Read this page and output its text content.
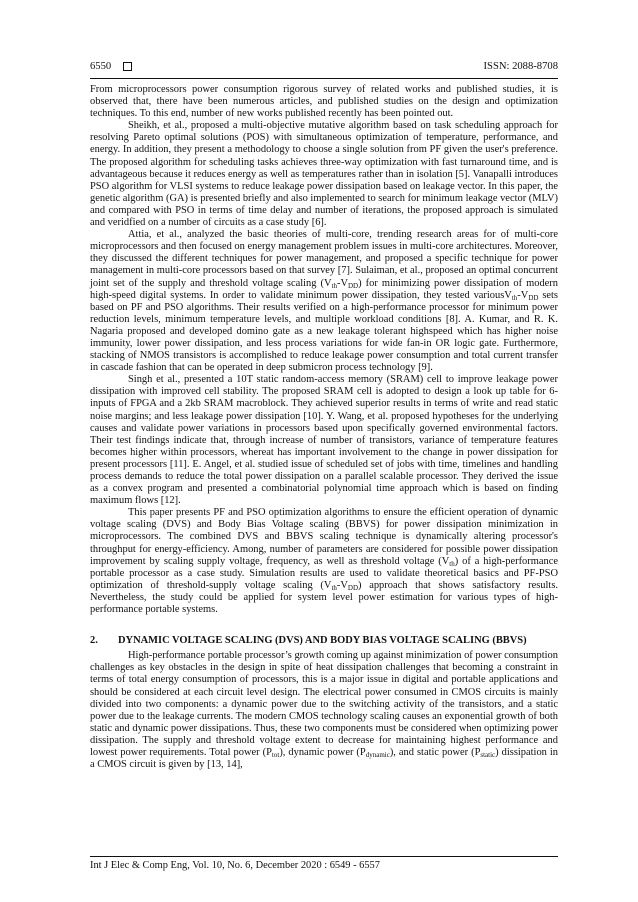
6550	ISSN: 2088-8708

From microprocessors power consumption rigorous survey of related works and published studies, it is observed that, there have been numerous articles, and published studies on the design and optimization techniques. To this end, number of new works published recently has been pointed out.

Sheikh, et al., proposed a multi-objective mutative algorithm based on task scheduling approach for resolving Pareto optimal solutions (POS) with simultaneous optimization of temperature, performance, and energy. In addition, they present a methodology to choose a single solution from PF given the user's preference. The proposed algorithm for scheduling tasks achieves three-way optimization with fast turnaround time, and is advantageous because it reduces energy as well as temperatures rather than in isolation [5]. Vanapalli introduces PSO algorithm for VLSI systems to reduce leakage power dissipation based on leakage vector. In this paper, the genetic algorithm (GA) is presented briefly and also implemented to search for minimum leakage vector (MLV) and compared with PSO in terms of time delay and number of iterations, the proposed approach is simulated and veridfied on a number of circuits as a case study [6].

Attia, et al., analyzed the basic theories of multi-core, trending research areas for of multi-core microprocessors and then focused on energy management problem issues in multi-core architectures. Moreover, they discussed the different techniques for power management, and proposed a specific technique for power management in multi-core processors based on that survey [7]. Sulaiman, et al., proposed an optimal concurrent joint set of the supply and threshold voltage scaling $(V_{th}-V_{DD})$ for minimizing power dissipation of modern high-speed digital systems. In order to validate minimum power dissipation, they tested $variousV_{th}-V_{DD}$ sets based on PF and PSO algorithms. Their results verified on a high-performance processor for minimum power reduction levels, minimum temperature levels, and multiple workload conditions [8]. A. Kumar, and R. K. Nagaria proposed and developed domino gate as a new leakage tolerant highspeed which has higher noise immunity, lower power dissipation, and less process variations for wide fan-in OR logic gate. Furthermore, stacking of NMOS transistors is accomplished to reduce leakage power consumption and total current transfer in cascade fashion that can be operated in deep submicron process technology [9].

Singh et al., presented a 10T static random-access memory (SRAM) cell to improve leakage power dissipation with improved cell stability. The proposed SRAM cell is adopted to design a look up table for 6-inputs of FPGA and a 2kb SRAM macroblock. They achieved superior results in terms of write and read static noise margins; and less leakage power dissipation [10]. Y. Wang, et al. proposed hypotheses for the underlying causes and validate power variations in processors based upon specifically governed environmental factors. Their test findings indicate that, through increase of number of transistors, variance of temperature features becomes higher within processors, whereat has important involvement to the change in power dissipation for present processors [11]. E. Angel, et al. studied issue of scheduled set of jobs with time, timelines and handling process demands to reduce the total power dissipation on a parallel scalable processor. They derived the issue as a convex program and presented a combinatorial polynomial time approach which is based on finding maximum flows [12].

This paper presents PF and PSO optimization algorithms to ensure the efficient operation of dynamic voltage scaling (DVS) and Body Bias Voltage scaling (BBVS) for power dissipation minimization in microprocessors. The combined DVS and BBVS scaling technique is dynamically altering processor's throughput for energy-efficiency. Among, number of parameters are considered for possible power dissipation improvement by scaling supply voltage, frequency, as well as threshold voltage $(V_{th})$ of a high-performance portable processor as a case study. Simulation results are used to validate theoretical basics and PF-PSO optimization of threshold-supply voltage scaling $(V_{th}-V_{DD})$ approach that shows satisfactory results. Nevertheless, the study could be applied for system level power estimation for various types of high-performance portable systems.

2.	DYNAMIC VOLTAGE SCALING (DVS) AND BODY BIAS VOLTAGE SCALING (BBVS)

High-performance portable processor’s growth coming up against minimization of power consumption challenges as key obstacles in the design in spite of heat dissipation challenges that becoming a constraint in terms of total energy consumption of processors, this is a major issue in digital and portable applications and should be considered at each circuit level design. The electrical power consumed in CMOS circuits is mainly divided into two components: a dynamic power due to the switching activity of the transistors, and a static power due to the leakage currents. The modern CMOS technology scaling causes an exponential growth of both static and dynamic power dissipations. Thus, these two components must be considered when optimizing power dissipation. The supply and threshold voltage extent to decrease for maintaining highest performance and lowest power requirements. Total power $(P_{tot})$, dynamic power $(P_{dynamic})$, and static power $(P_{static})$ dissipation in a CMOS circuit is given by [13, 14],

Int J Elec & Comp Eng, Vol. 10, No. 6, December 2020 : 6549 - 6557
